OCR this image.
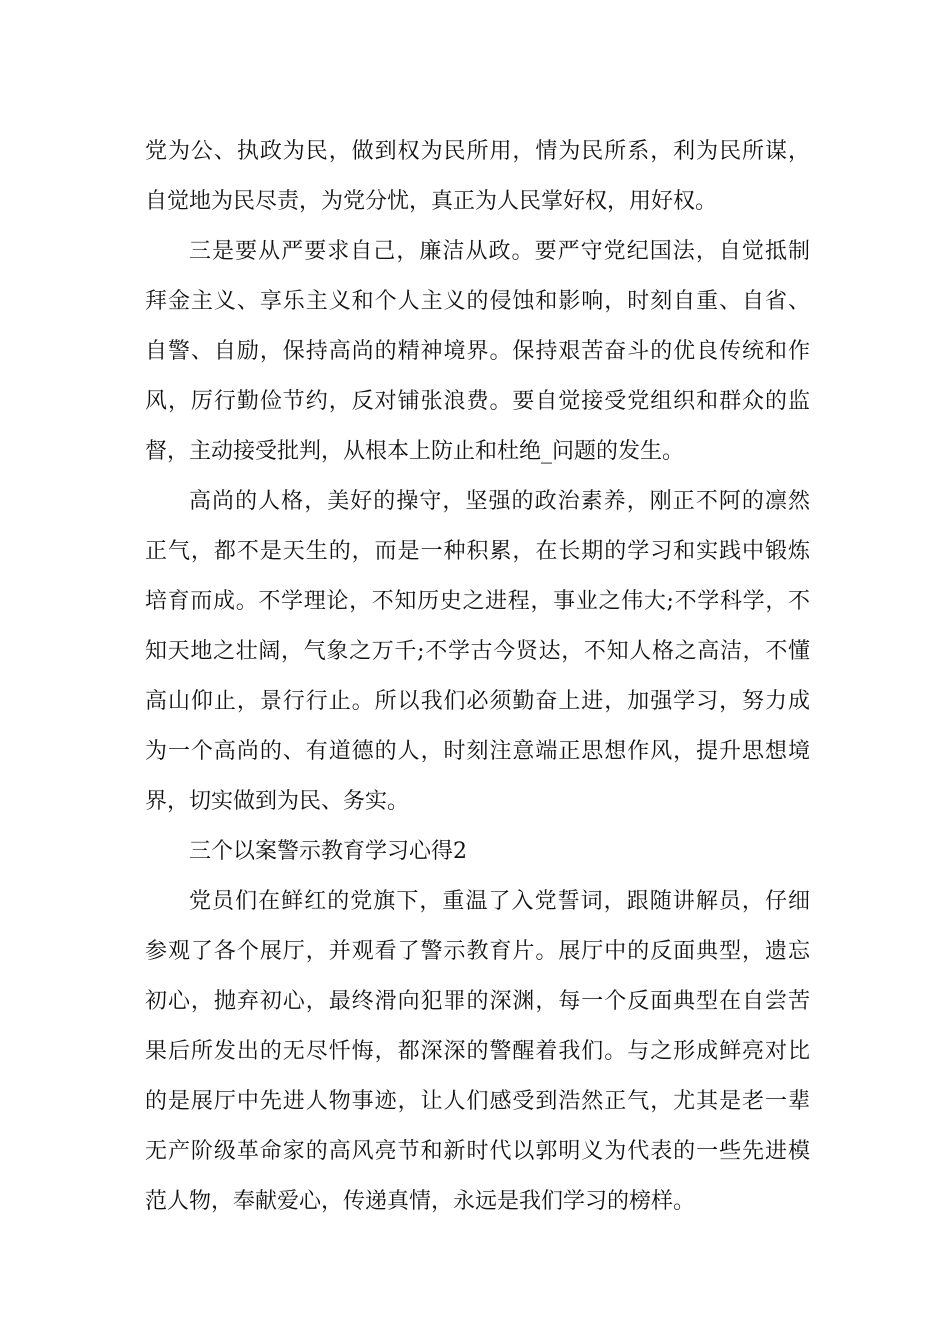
党为公、执政为民，做到权为民所用，情为民所系，利为民所谋，
自觉地为民尽责，为党分忧，真正为人民掌好权，用好权。
三是要从严要求自己，廉洁从政。要严守党纪国法，自觉抵制
拜金主义、享乐主义和个人主义的侵蚀和影响，时刻自重、自省、
自警、自励，保持高尚的精神境界。保持艰苦奋斗的优良传统和作
风，厉行勤俭节约，反对铺张浪费。要自觉接受党组织和群众的监
督，主动接受批判，从根本上防止和杜绝_问题的发生。
高尚的人格，美好的操守，坚强的政治素养，刚正不阿的凛然
正气，都不是天生的，而是一种积累，在长期的学习和实践中锻炼
培育而成。不学理论，不知历史之进程，事业之伟大;不学科学，不
知天地之壮阔，气象之万千;不学古今贤达，不知人格之高洁，不懂
高山仰止，景行行止。所以我们必须勤奋上进，加强学习，努力成
为一个高尚的、有道德的人，时刻注意端正思想作风，提升思想境
界，切实做到为民、务实。
三个以案警示教育学习心得2
党员们在鲜红的党旗下，重温了入党誓词，跟随讲解员，仔细
参观了各个展厅，并观看了警示教育片。展厅中的反面典型，遗忘
初心，抛弃初心，最终滑向犯罪的深渊，每一个反面典型在自尝苦
果后所发出的无尽忏悔，都深深的警醒着我们。与之形成鲜亮对比
的是展厅中先进人物事迹，让人们感受到浩然正气，尤其是老一辈
无产阶级革命家的高风亮节和新时代以郭明义为代表的一些先进模
范人物，奉献爱心，传递真情，永远是我们学习的榜样。
